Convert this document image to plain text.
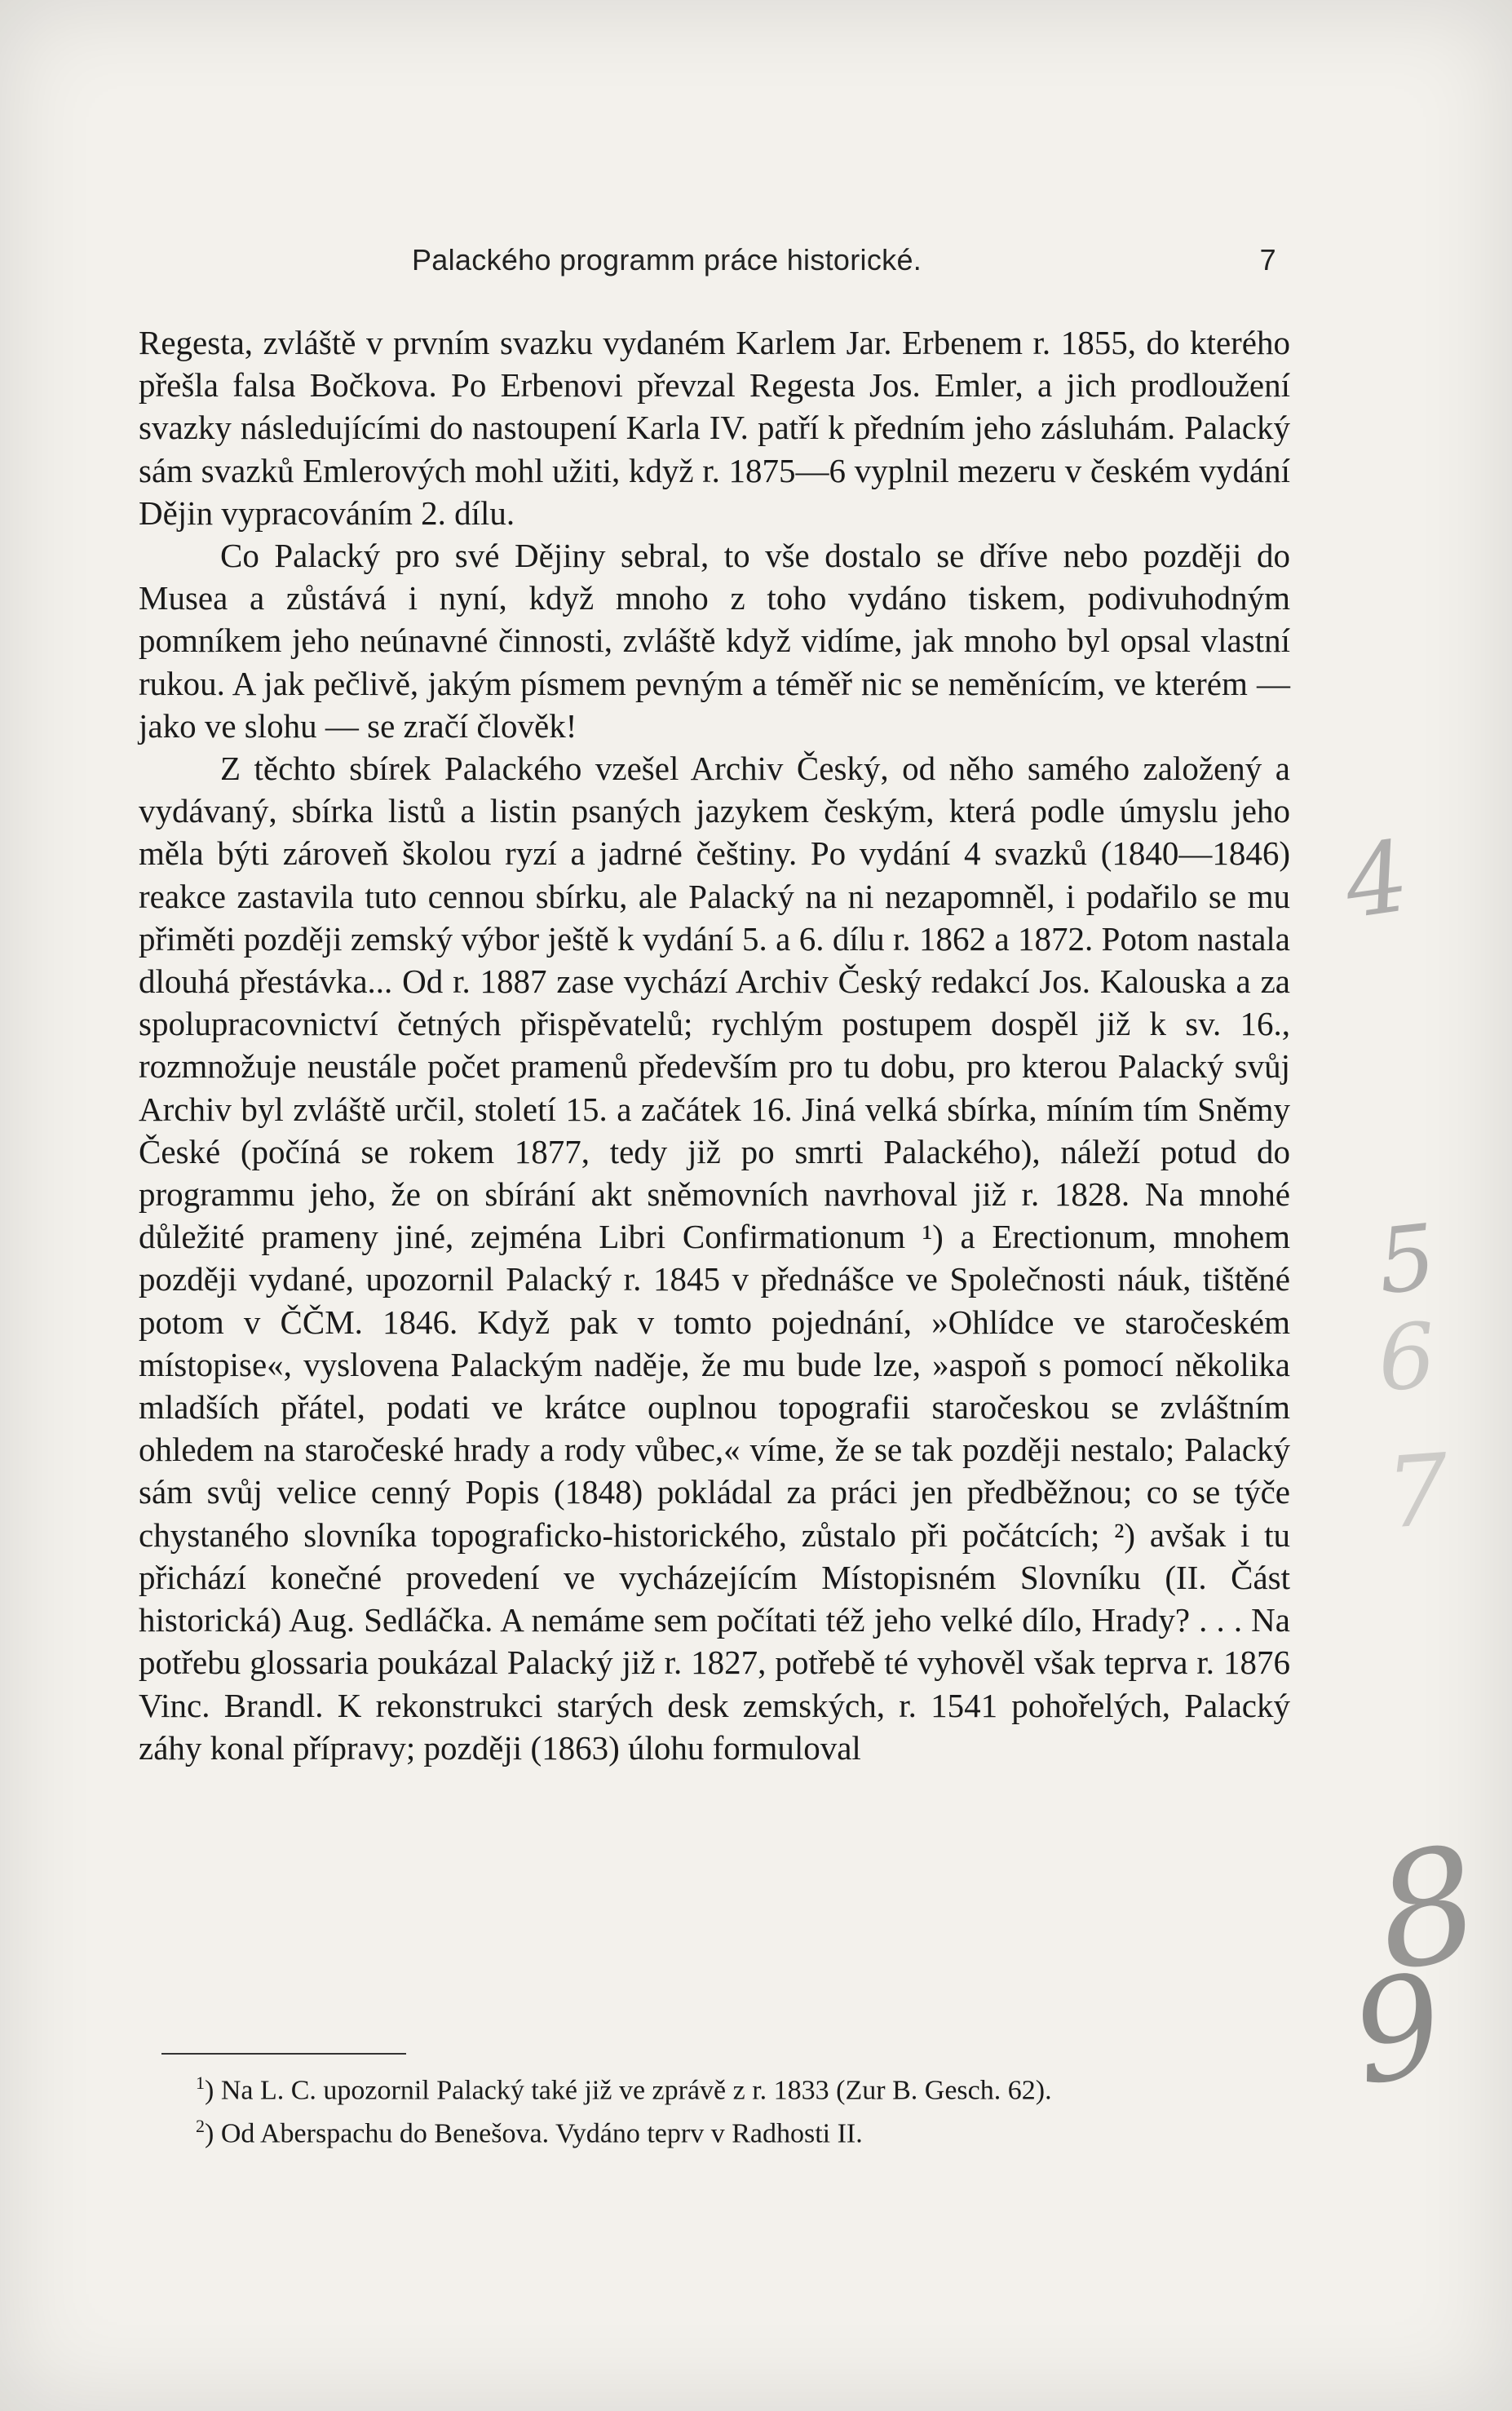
Palackého programm práce historické.	7

Regesta, zvláště v prvním svazku vydaném Karlem Jar. Erbenem r. 1855, do kterého přešla falsa Bočkova. Po Erbenovi převzal Regesta Jos. Emler, a jich prodloužení svazky následujícími do nastoupení Karla IV. patří k předním jeho zásluhám. Palacký sám svazků Emlerových mohl užiti, když r. 1875—6 vyplnil mezeru v českém vydání Dějin vypracováním 2. dílu.

Co Palacký pro své Dějiny sebral, to vše dostalo se dříve nebo později do Musea a zůstává i nyní, když mnoho z toho vydáno tiskem, podivuhodným pomníkem jeho neúnavné činnosti, zvláště když vidíme, jak mnoho byl opsal vlastní rukou. A jak pečlivě, jakým písmem pevným a téměř nic se neměnícím, ve kterém — jako ve slohu — se zračí člověk!

Z těchto sbírek Palackého vzešel Archiv Český, od něho samého založený a vydávaný, sbírka listů a listin psaných jazykem českým, která podle úmyslu jeho měla býti zároveň školou ryzí a jadrné češtiny. Po vydání 4 svazků (1840—1846) reakce zastavila tuto cennou sbírku, ale Palacký na ni nezapomněl, i podařilo se mu přiměti později zemský výbor ještě k vydání 5. a 6. dílu r. 1862 a 1872. Potom nastala dlouhá přestávka... Od r. 1887 zase vychází Archiv Český redakcí Jos. Kalouska a za spolupracovnictví četných přispěvatelů; rychlým postupem dospěl již k sv. 16., rozmnožuje neustále počet pramenů především pro tu dobu, pro kterou Palacký svůj Archiv byl zvláště určil, století 15. a začátek 16. Jiná velká sbírka, míním tím Sněmy České (počíná se rokem 1877, tedy již po smrti Palackého), náleží potud do programmu jeho, že on sbírání akt sněmovních navrhoval již r. 1828. Na mnohé důležité prameny jiné, zejména Libri Confirmationum ¹) a Erectionum, mnohem později vydané, upozornil Palacký r. 1845 v přednášce ve Společnosti náuk, tištěné potom v ČČM. 1846. Když pak v tomto pojednání, »Ohlídce ve staročeském místopise«, vyslovena Palackým naděje, že mu bude lze, »aspoň s pomocí několika mladších přátel, podati ve krátce ouplnou topografii staročeskou se zvláštním ohledem na staročeské hrady a rody vůbec,« víme, že se tak později nestalo; Palacký sám svůj velice cenný Popis (1848) pokládal za práci jen předběžnou; co se týče chystaného slovníka topograficko-historického, zůstalo při počátcích; ²) avšak i tu přichází konečné provedení ve vycházejícím Místopisném Slovníku (II. Část historická) Aug. Sedláčka. A nemáme sem počítati též jeho velké dílo, Hrady? . . . Na potřebu glossaria poukázal Palacký již r. 1827, potřebě té vyhověl však teprva r. 1876 Vinc. Brandl. K rekonstrukci starých desk zemských, r. 1541 pohořelých, Palacký záhy konal přípravy; později (1863) úlohu formuloval

$^1$) Na L. C. upozornil Palacký také již ve zprávě z r. 1833 (Zur B. Gesch. 62).
$^2$) Od Aberspachu do Benešova. Vydáno teprv v Radhosti II.
4
5
6
7
8
9
